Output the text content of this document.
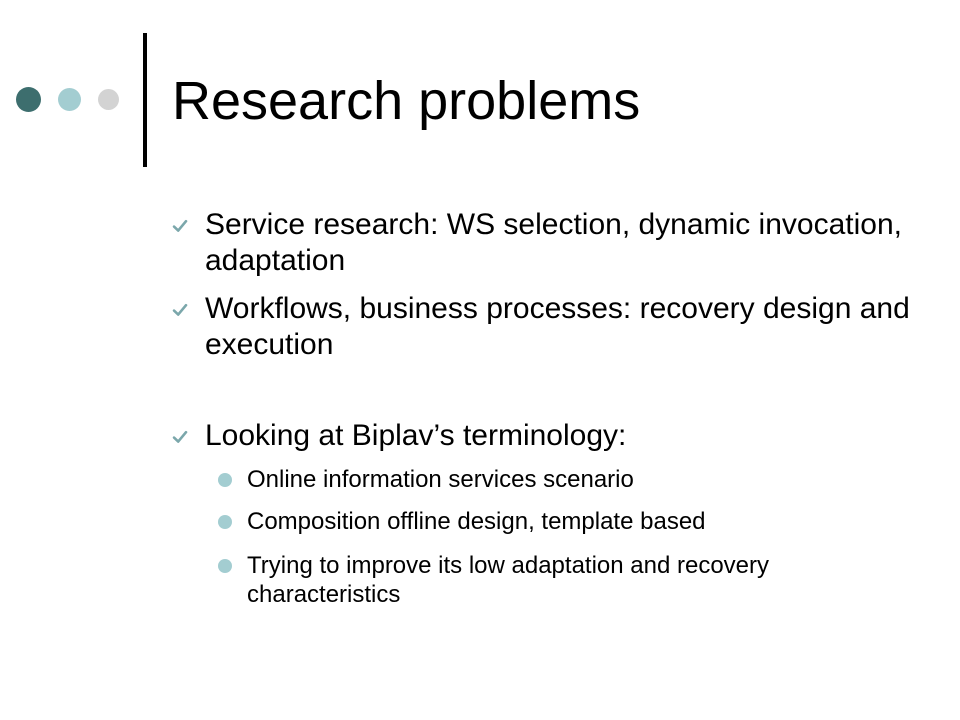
Research problems

Service research: WS selection, dynamic invocation, adaptation

Workflows, business processes: recovery design and execution

Looking at Biplav’s terminology:

Online information services scenario

Composition offline design, template based

Trying to improve its low adaptation and recovery characteristics
